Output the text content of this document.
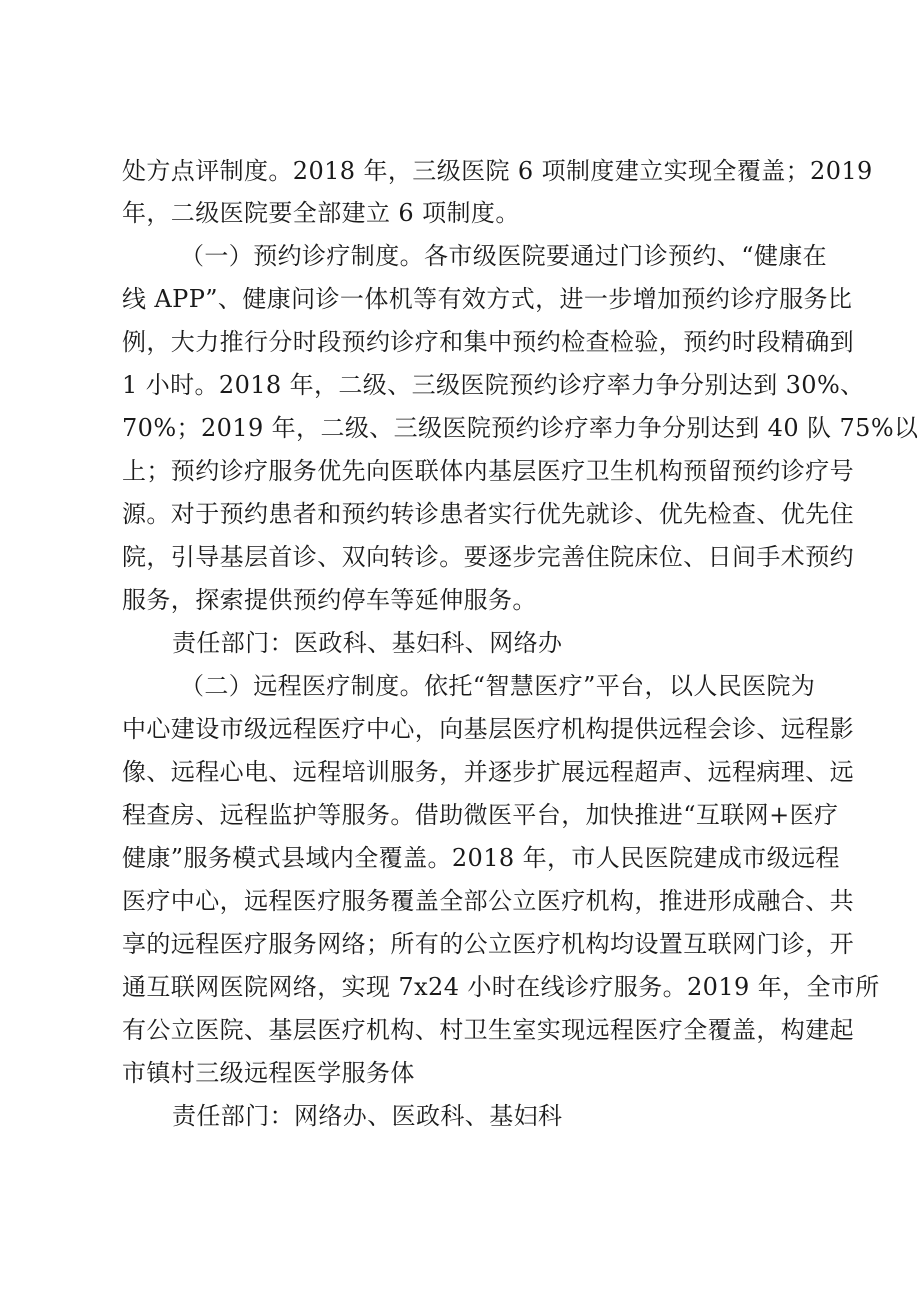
处方点评制度。2018 年，三级医院 6 项制度建立实现全覆盖；2019
年，二级医院要全部建立 6 项制度。
（一）预约诊疗制度。各市级医院要通过门诊预约、“健康在
线 APP”、健康问诊一体机等有效方式，进一步增加预约诊疗服务比
例，大力推行分时段预约诊疗和集中预约检查检验，预约时段精确到
1 小时。2018 年，二级、三级医院预约诊疗率力争分别达到 30%、
70%；2019 年，二级、三级医院预约诊疗率力争分别达到 40 队 75%以
上；预约诊疗服务优先向医联体内基层医疗卫生机构预留预约诊疗号
源。对于预约患者和预约转诊患者实行优先就诊、优先检查、优先住
院，引导基层首诊、双向转诊。要逐步完善住院床位、日间手术预约
服务，探索提供预约停车等延伸服务。
责任部门：医政科、基妇科、网络办
（二）远程医疗制度。依托“智慧医疗”平台，以人民医院为
中心建设市级远程医疗中心，向基层医疗机构提供远程会诊、远程影
像、远程心电、远程培训服务，并逐步扩展远程超声、远程病理、远
程查房、远程监护等服务。借助微医平台，加快推进“互联网+医疗
健康”服务模式县域内全覆盖。2018 年，市人民医院建成市级远程
医疗中心，远程医疗服务覆盖全部公立医疗机构，推进形成融合、共
享的远程医疗服务网络；所有的公立医疗机构均设置互联网门诊，开
通互联网医院网络，实现 7x24 小时在线诊疗服务。2019 年，全市所
有公立医院、基层医疗机构、村卫生室实现远程医疗全覆盖，构建起
市镇村三级远程医学服务体
责任部门：网络办、医政科、基妇科
